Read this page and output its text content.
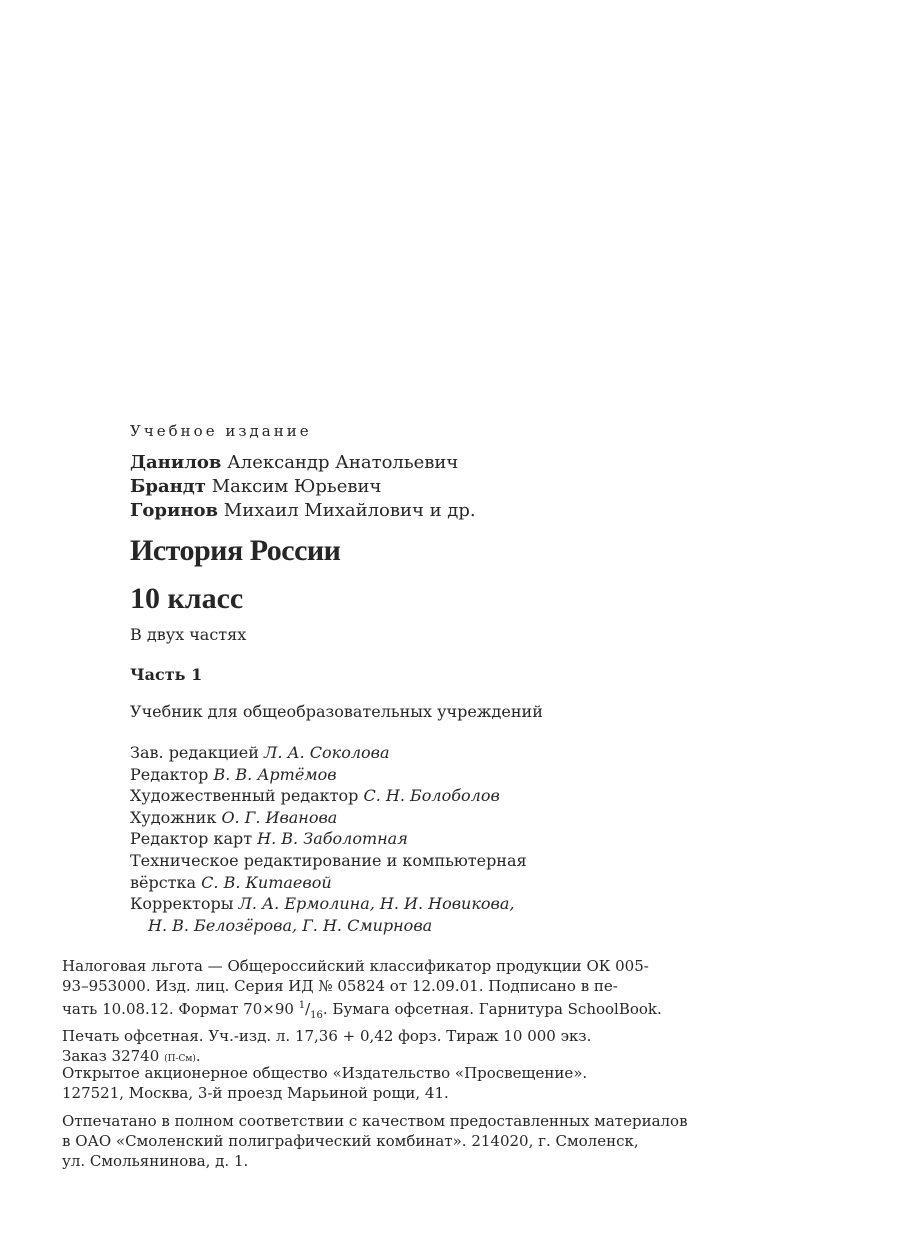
Учебное издание
Данилов Александр Анатольевич
Брандт Максим Юрьевич
Горинов Михаил Михайлович и др.
История России
10 класс
В двух частях
Часть 1
Учебник для общеобразовательных учреждений
Зав. редакцией Л. А. Соколова
Редактор В. В. Артёмов
Художественный редактор С. Н. Болоболов
Художник О. Г. Иванова
Редактор карт Н. В. Заболотная
Техническое редактирование и компьютерная
вёрстка С. В. Китаевой
Корректоры Л. А. Ермолина, Н. И. Новикова,
Н. В. Белозёрова, Г. Н. Смирнова
Налоговая льгота — Общероссийский классификатор продукции ОК 005-
93–953000. Изд. лиц. Серия ИД № 05824 от 12.09.01. Подписано в пе-
чать 10.08.12. Формат 70×90 $^1/_{16}$. Бумага офсетная. Гарнитура SchoolBook.
Печать офсетная. Уч.-изд. л. 17,36 + 0,42 форз. Тираж 10 000 экз.
Заказ 32740 (П-См).
Открытое акционерное общество «Издательство «Просвещение».
127521, Москва, 3-й проезд Марьиной рощи, 41.
Отпечатано в полном соответствии с качеством предоставленных материалов
в ОАО «Смоленский полиграфический комбинат». 214020, г. Смоленск,
ул. Смольянинова, д. 1.
